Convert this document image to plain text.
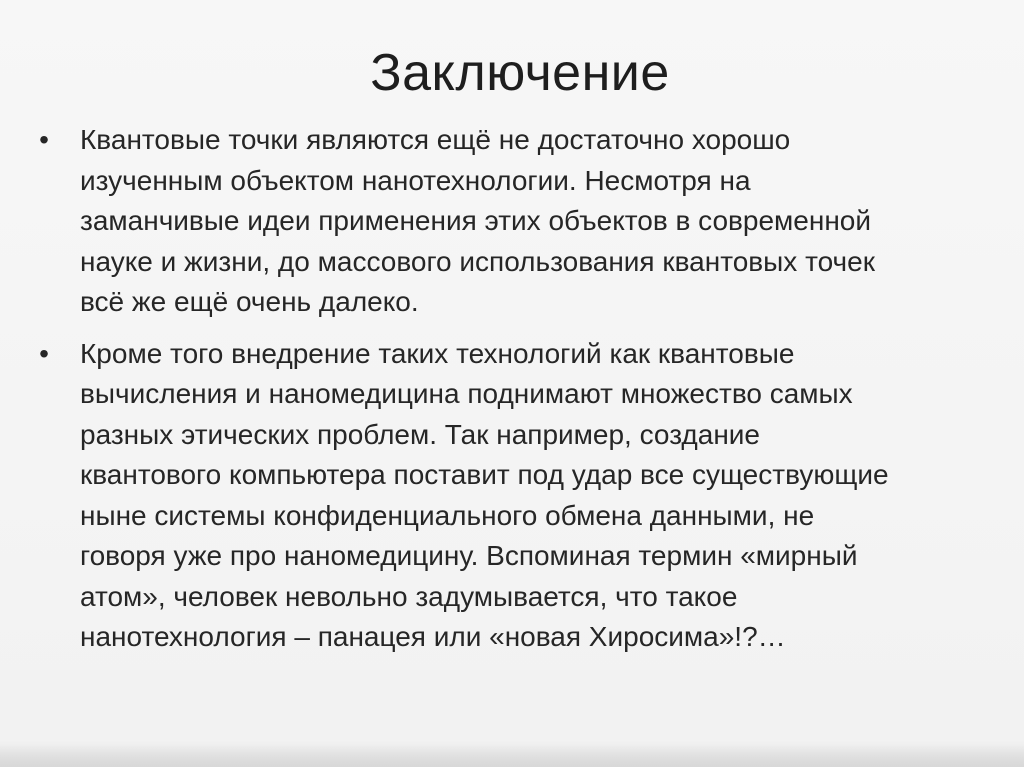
Заключение
• Квантовые точки являются ещё не достаточно хорошо
изученным объектом нанотехнологии. Несмотря на
заманчивые идеи применения этих объектов в современной
науке и жизни, до массового использования квантовых точек
всё же ещё очень далеко.
• Кроме того внедрение таких технологий как квантовые
вычисления и наномедицина поднимают множество самых
разных этических проблем. Так например, создание
квантового компьютера поставит под удар все существующие
ныне системы конфиденциального обмена данными, не
говоря уже про наномедицину. Вспоминая термин «мирный
атом», человек невольно задумывается, что такое
нанотехнология – панацея или «новая Хиросима»!?…
